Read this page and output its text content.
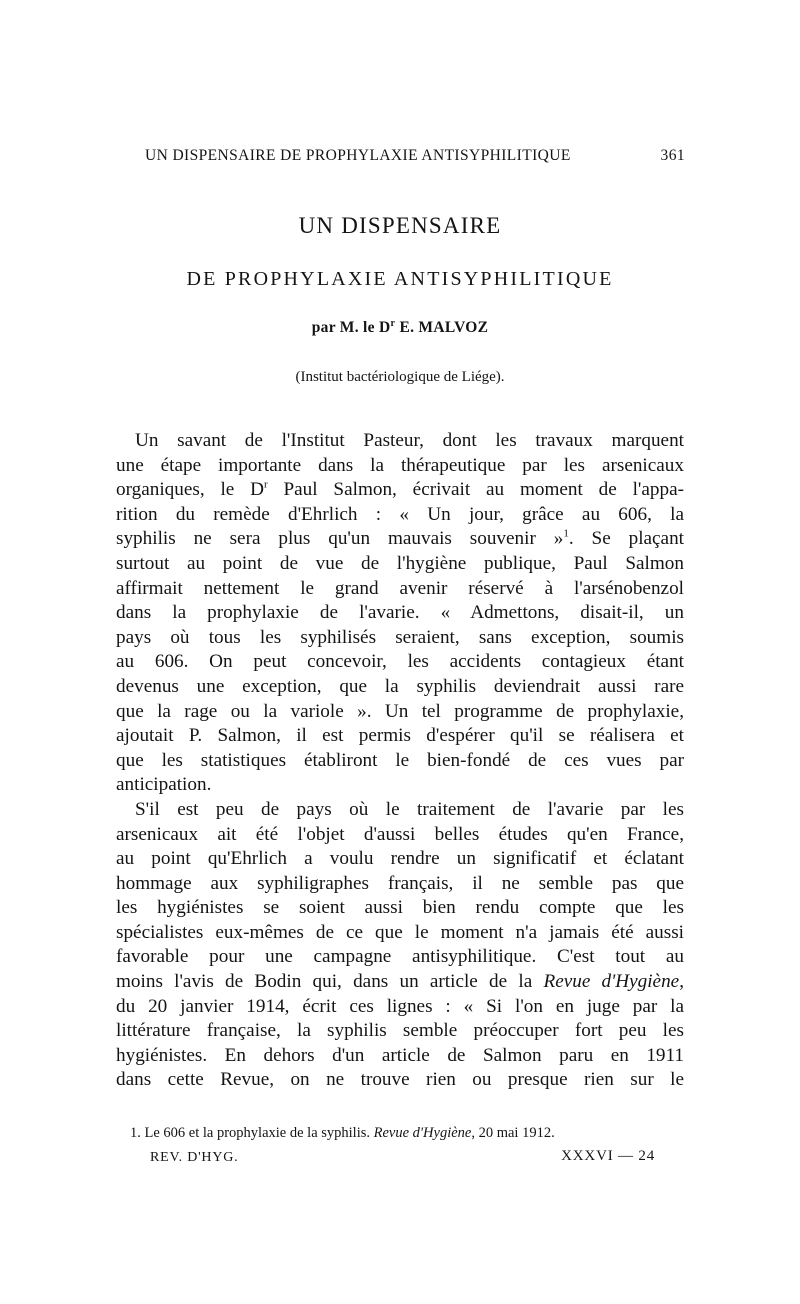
UN DISPENSAIRE DE PROPHYLAXIE ANTISYPHILITIQUE	361
UN DISPENSAIRE
DE PROPHYLAXIE ANTISYPHILITIQUE
par M. le $D^r$ E. MALVOZ
(Institut bactériologique de Liége).
Un savant de l'Institut Pasteur, dont les travaux marquent
une étape importante dans la thérapeutique par les arsenicaux
organiques, le $D^r$ Paul Salmon, écrivait au moment de l'appa-
rition du remède d'Ehrlich : « Un jour, grâce au 606, la
syphilis ne sera plus qu'un mauvais souvenir »$^1$. Se plaçant
surtout au point de vue de l'hygiène publique, Paul Salmon
affirmait nettement le grand avenir réservé à l'arsénobenzol
dans la prophylaxie de l'avarie. « Admettons, disait-il, un
pays où tous les syphilisés seraient, sans exception, soumis
au 606. On peut concevoir, les accidents contagieux étant
devenus une exception, que la syphilis deviendrait aussi rare
que la rage ou la variole ». Un tel programme de prophylaxie,
ajoutait P. Salmon, il est permis d'espérer qu'il se réalisera et
que les statistiques établiront le bien-fondé de ces vues par
anticipation.
S'il est peu de pays où le traitement de l'avarie par les
arsenicaux ait été l'objet d'aussi belles études qu'en France,
au point qu'Ehrlich a voulu rendre un significatif et éclatant
hommage aux syphiligraphes français, il ne semble pas que
les hygiénistes se soient aussi bien rendu compte que les
spécialistes eux-mêmes de ce que le moment n'a jamais été aussi
favorable pour une campagne antisyphilitique. C'est tout au
moins l'avis de Bodin qui, dans un article de la Revue d'Hygiène,
du 20 janvier 1914, écrit ces lignes : « Si l'on en juge par la
littérature française, la syphilis semble préoccuper fort peu les
hygiénistes. En dehors d'un article de Salmon paru en 1911
dans cette Revue, on ne trouve rien ou presque rien sur le
1. Le 606 et la prophylaxie de la syphilis. Revue d'Hygiène, 20 mai 1912.
REV. D'HYG.	XXXVI — 24
